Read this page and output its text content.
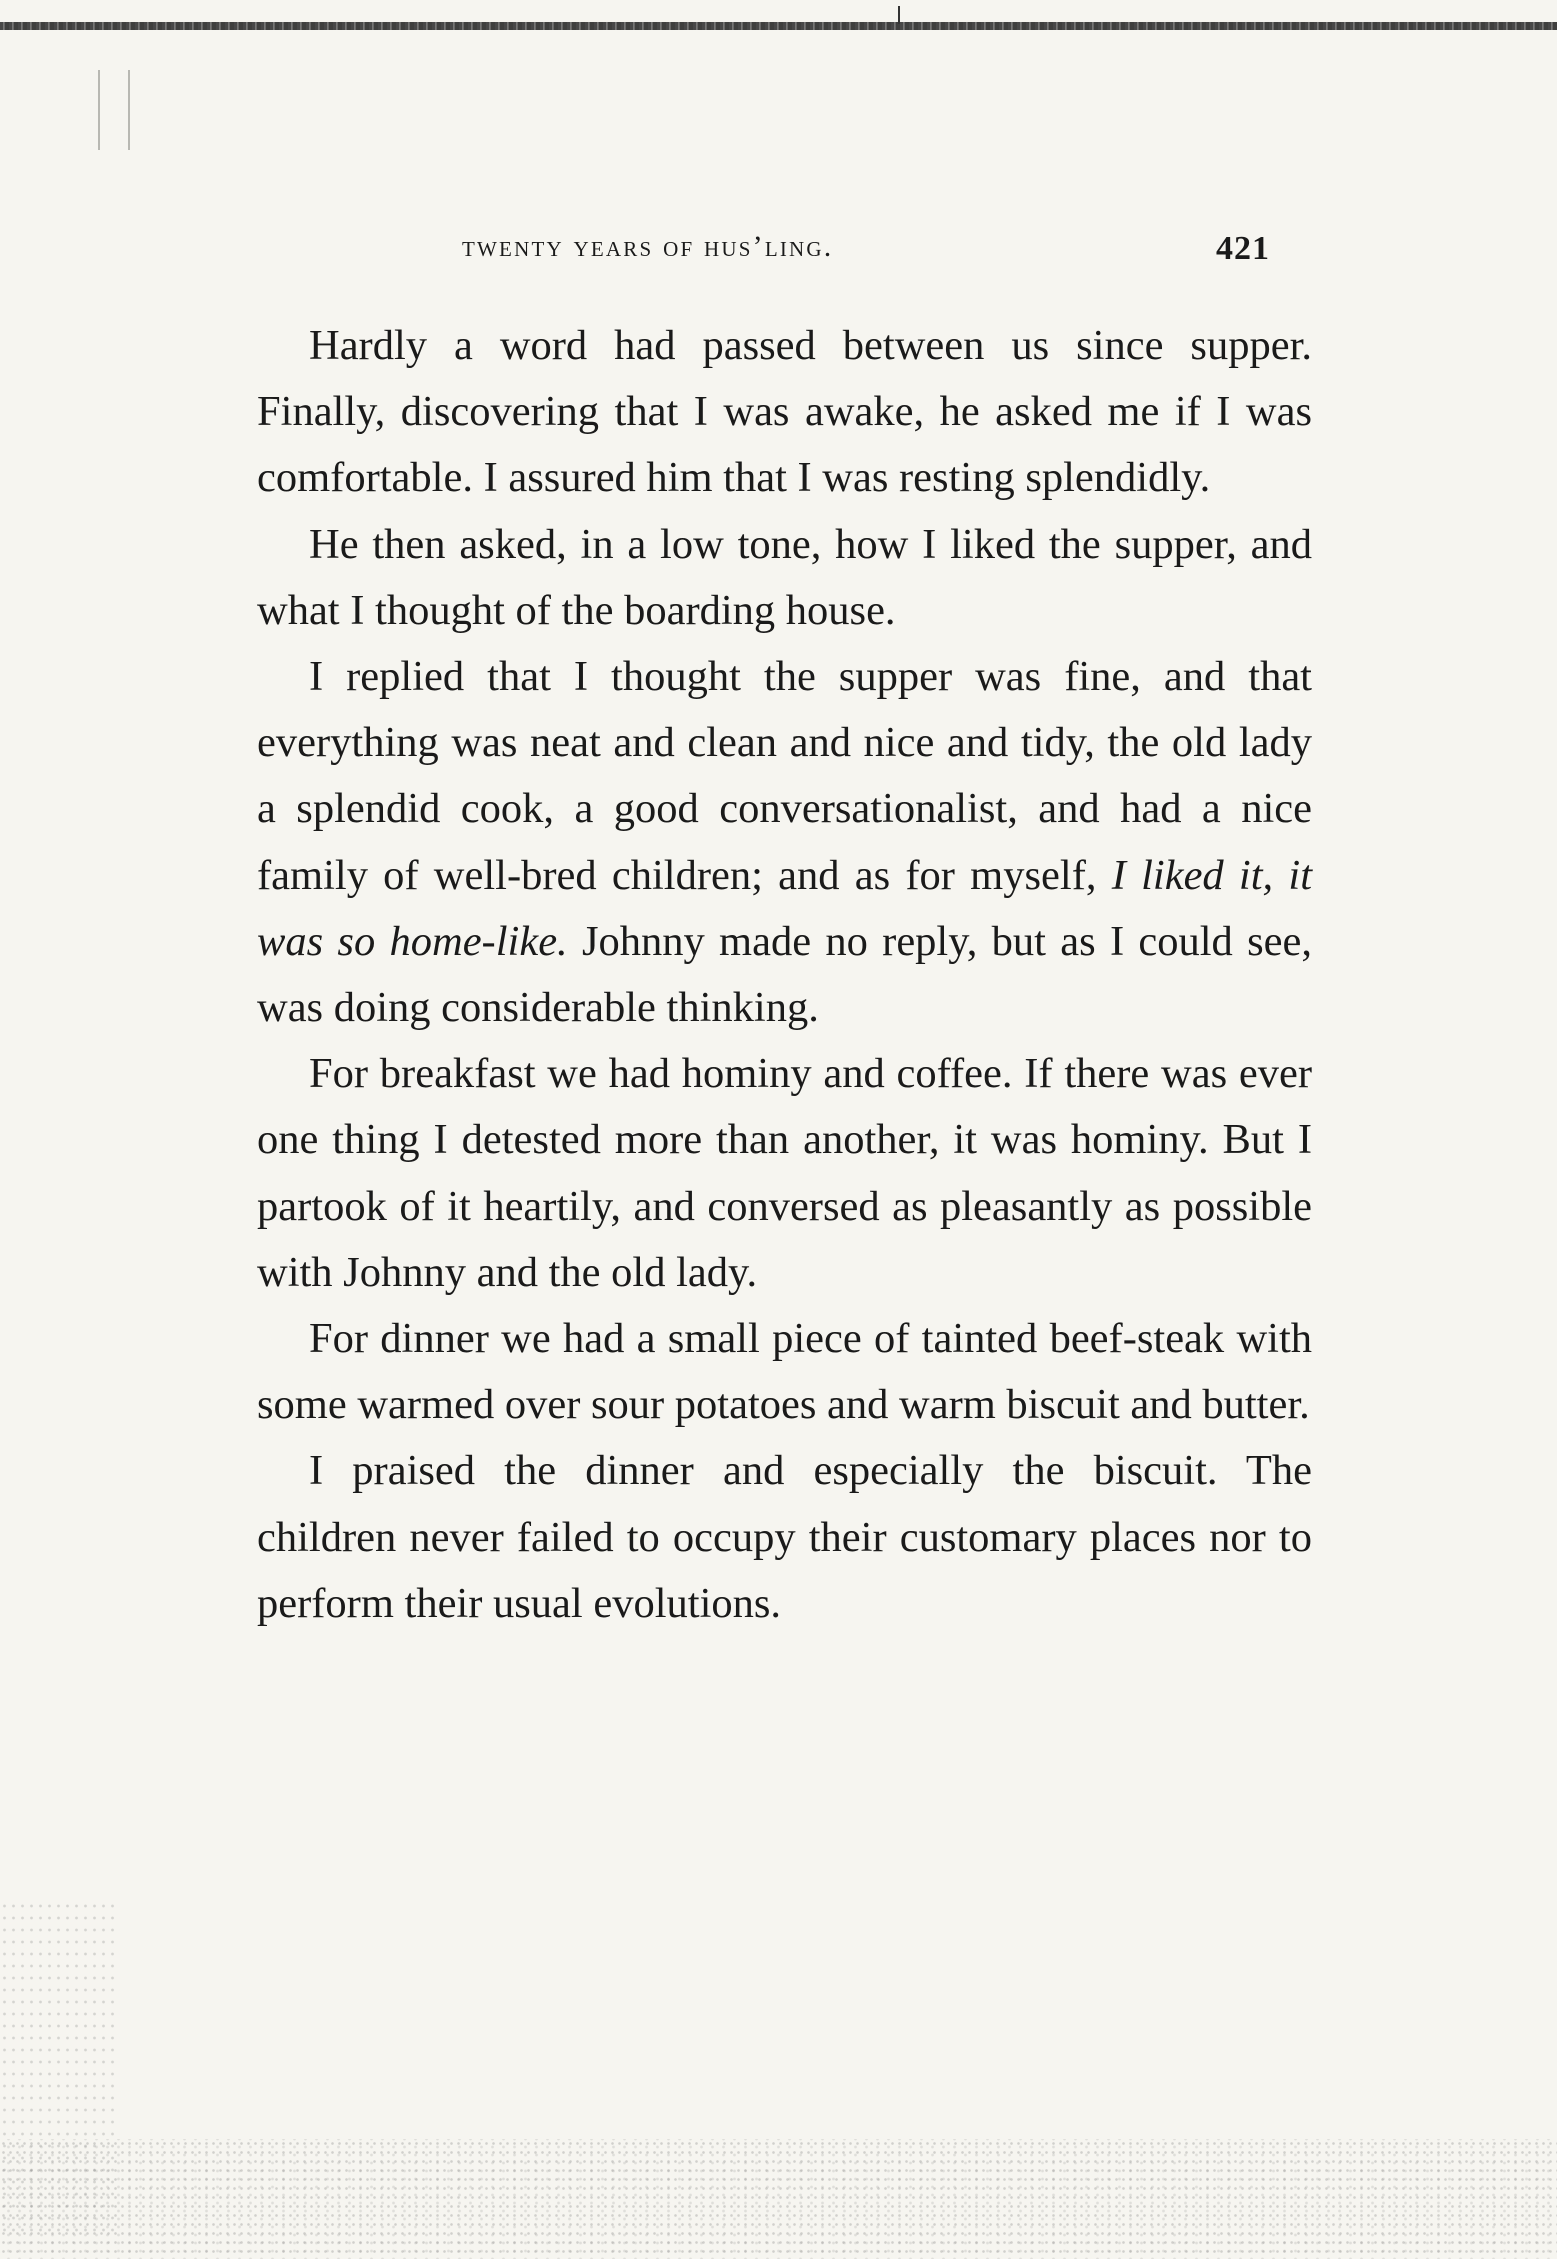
twenty years of hus’ling.	421

Hardly a word had passed between us since supper. Finally, discovering that I was awake, he asked me if I was comfortable. I assured him that I was resting splendidly.

He then asked, in a low tone, how I liked the supper, and what I thought of the boarding house.

I replied that I thought the supper was fine, and that everything was neat and clean and nice and tidy, the old lady a splendid cook, a good conversationalist, and had a nice family of well-bred children; and as for myself, I liked it, it was so home-like. Johnny made no reply, but as I could see, was doing considerable thinking.

For breakfast we had hominy and coffee. If there was ever one thing I detested more than another, it was hominy. But I partook of it heartily, and conversed as pleasantly as possible with Johnny and the old lady.

For dinner we had a small piece of tainted beef-steak with some warmed over sour potatoes and warm biscuit and butter.

I praised the dinner and especially the biscuit. The children never failed to occupy their customary places nor to perform their usual evolutions.
